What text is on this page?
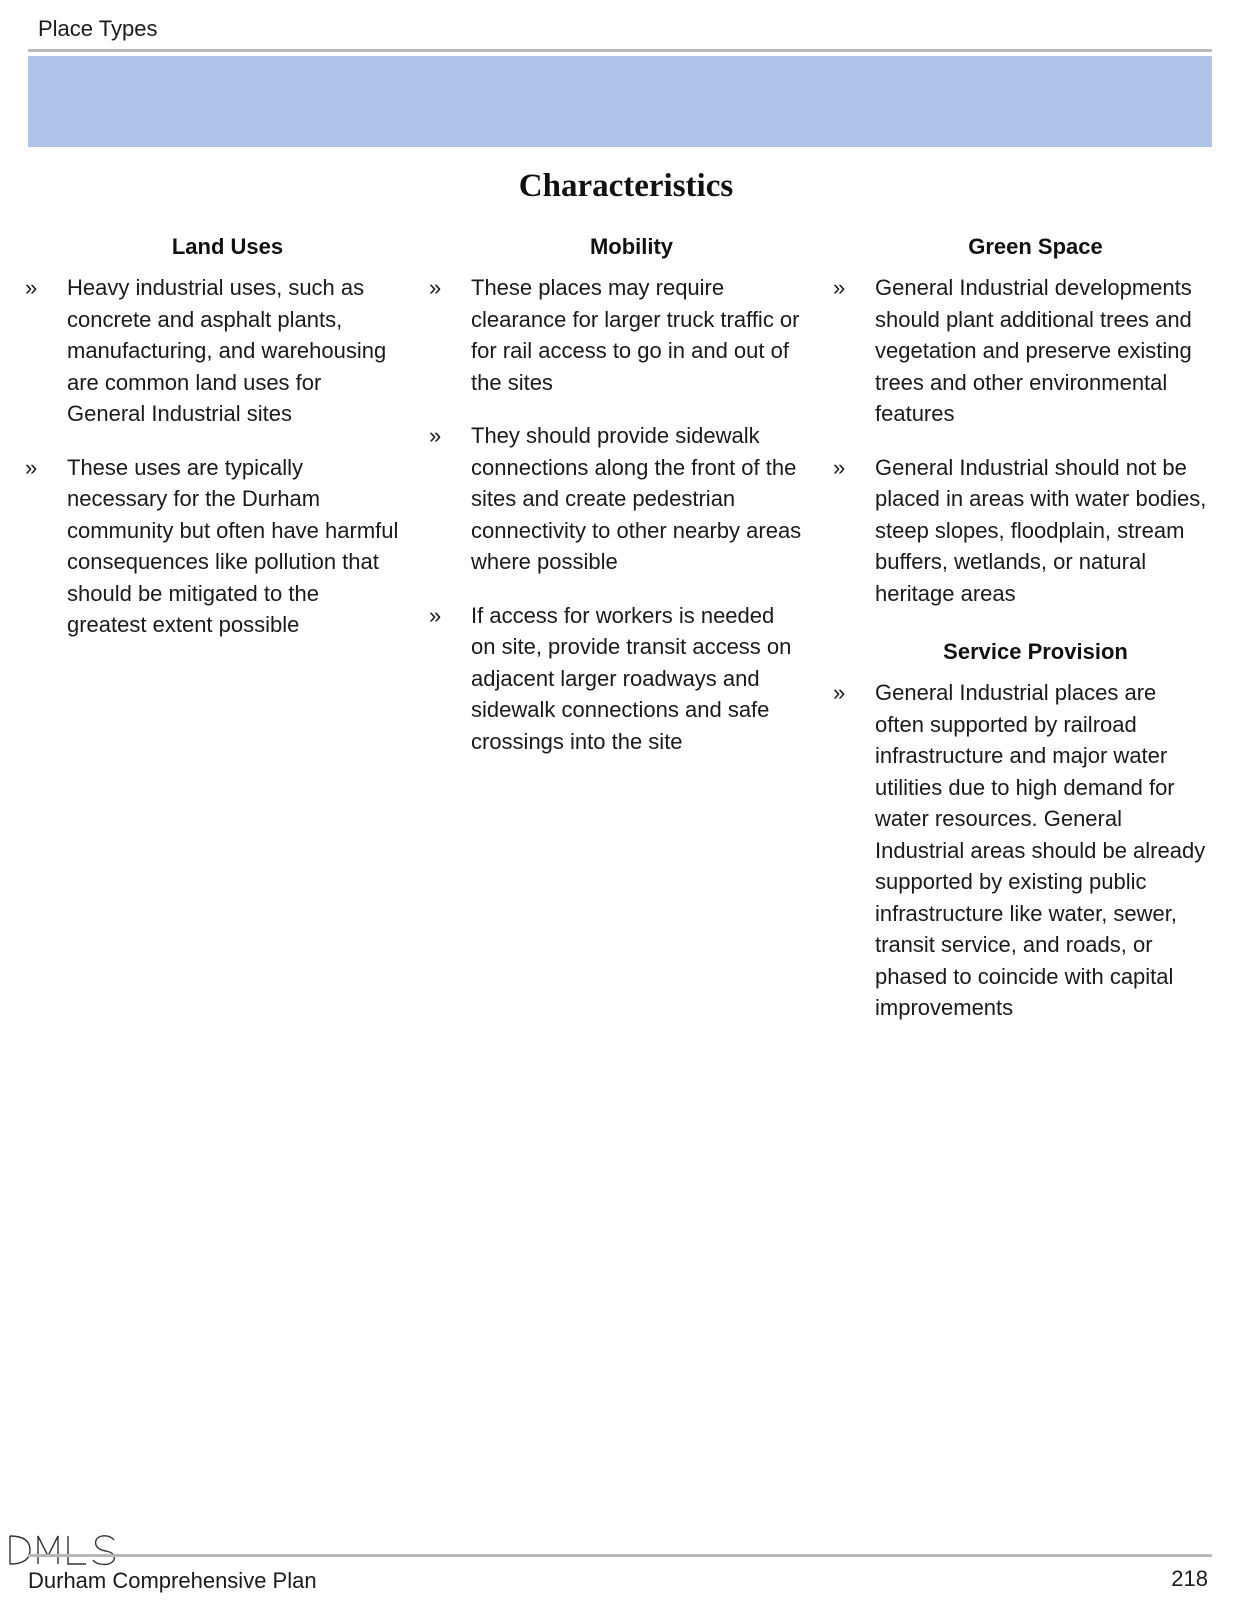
Place Types
Characteristics
Land Uses
» Heavy industrial uses, such as concrete and asphalt plants, manufacturing, and warehousing are common land uses for General Industrial sites
» These uses are typically necessary for the Durham community but often have harmful consequences like pollution that should be mitigated to the greatest extent possible
Mobility
» These places may require clearance for larger truck traffic or for rail access to go in and out of the sites
» They should provide sidewalk connections along the front of the sites and create pedestrian connectivity to other nearby areas where possible
» If access for workers is needed on site, provide transit access on adjacent larger roadways and sidewalk connections and safe crossings into the site
Green Space
» General Industrial developments should plant additional trees and vegetation and preserve existing trees and other environmental features
» General Industrial should not be placed in areas with water bodies, steep slopes, floodplain, stream buffers, wetlands, or natural heritage areas
Service Provision
» General Industrial places are often supported by railroad infrastructure and major water utilities due to high demand for water resources. General Industrial areas should be already supported by existing public infrastructure like water, sewer, transit service, and roads, or phased to coincide with capital improvements
Durham Comprehensive Plan	218
